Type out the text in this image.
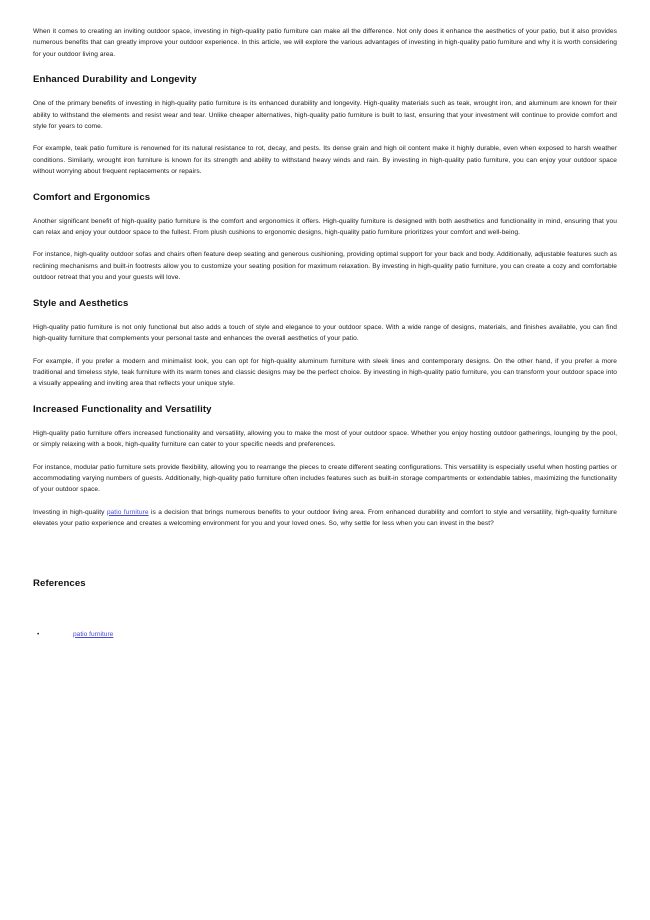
When it comes to creating an inviting outdoor space, investing in high-quality patio furniture can make all the difference. Not only does it enhance the aesthetics of your patio, but it also provides numerous benefits that can greatly improve your outdoor experience. In this article, we will explore the various advantages of investing in high-quality patio furniture and why it is worth considering for your outdoor living area.

Enhanced Durability and Longevity

One of the primary benefits of investing in high-quality patio furniture is its enhanced durability and longevity. High-quality materials such as teak, wrought iron, and aluminum are known for their ability to withstand the elements and resist wear and tear. Unlike cheaper alternatives, high-quality patio furniture is built to last, ensuring that your investment will continue to provide comfort and style for years to come.

For example, teak patio furniture is renowned for its natural resistance to rot, decay, and pests. Its dense grain and high oil content make it highly durable, even when exposed to harsh weather conditions. Similarly, wrought iron furniture is known for its strength and ability to withstand heavy winds and rain. By investing in high-quality patio furniture, you can enjoy your outdoor space without worrying about frequent replacements or repairs.

Comfort and Ergonomics

Another significant benefit of high-quality patio furniture is the comfort and ergonomics it offers. High-quality furniture is designed with both aesthetics and functionality in mind, ensuring that you can relax and enjoy your outdoor space to the fullest. From plush cushions to ergonomic designs, high-quality patio furniture prioritizes your comfort and well-being.

For instance, high-quality outdoor sofas and chairs often feature deep seating and generous cushioning, providing optimal support for your back and body. Additionally, adjustable features such as reclining mechanisms and built-in footrests allow you to customize your seating position for maximum relaxation. By investing in high-quality patio furniture, you can create a cozy and comfortable outdoor retreat that you and your guests will love.

Style and Aesthetics

High-quality patio furniture is not only functional but also adds a touch of style and elegance to your outdoor space. With a wide range of designs, materials, and finishes available, you can find high-quality furniture that complements your personal taste and enhances the overall aesthetics of your patio.

For example, if you prefer a modern and minimalist look, you can opt for high-quality aluminum furniture with sleek lines and contemporary designs. On the other hand, if you prefer a more traditional and timeless style, teak furniture with its warm tones and classic designs may be the perfect choice. By investing in high-quality patio furniture, you can transform your outdoor space into a visually appealing and inviting area that reflects your unique style.

Increased Functionality and Versatility

High-quality patio furniture offers increased functionality and versatility, allowing you to make the most of your outdoor space. Whether you enjoy hosting outdoor gatherings, lounging by the pool, or simply relaxing with a book, high-quality furniture can cater to your specific needs and preferences.

For instance, modular patio furniture sets provide flexibility, allowing you to rearrange the pieces to create different seating configurations. This versatility is especially useful when hosting parties or accommodating varying numbers of guests. Additionally, high-quality patio furniture often includes features such as built-in storage compartments or extendable tables, maximizing the functionality of your outdoor space.

Investing in high-quality patio furniture is a decision that brings numerous benefits to your outdoor living area. From enhanced durability and comfort to style and versatility, high-quality furniture elevates your patio experience and creates a welcoming environment for you and your loved ones. So, why settle for less when you can invest in the best?

References
•	patio furniture
